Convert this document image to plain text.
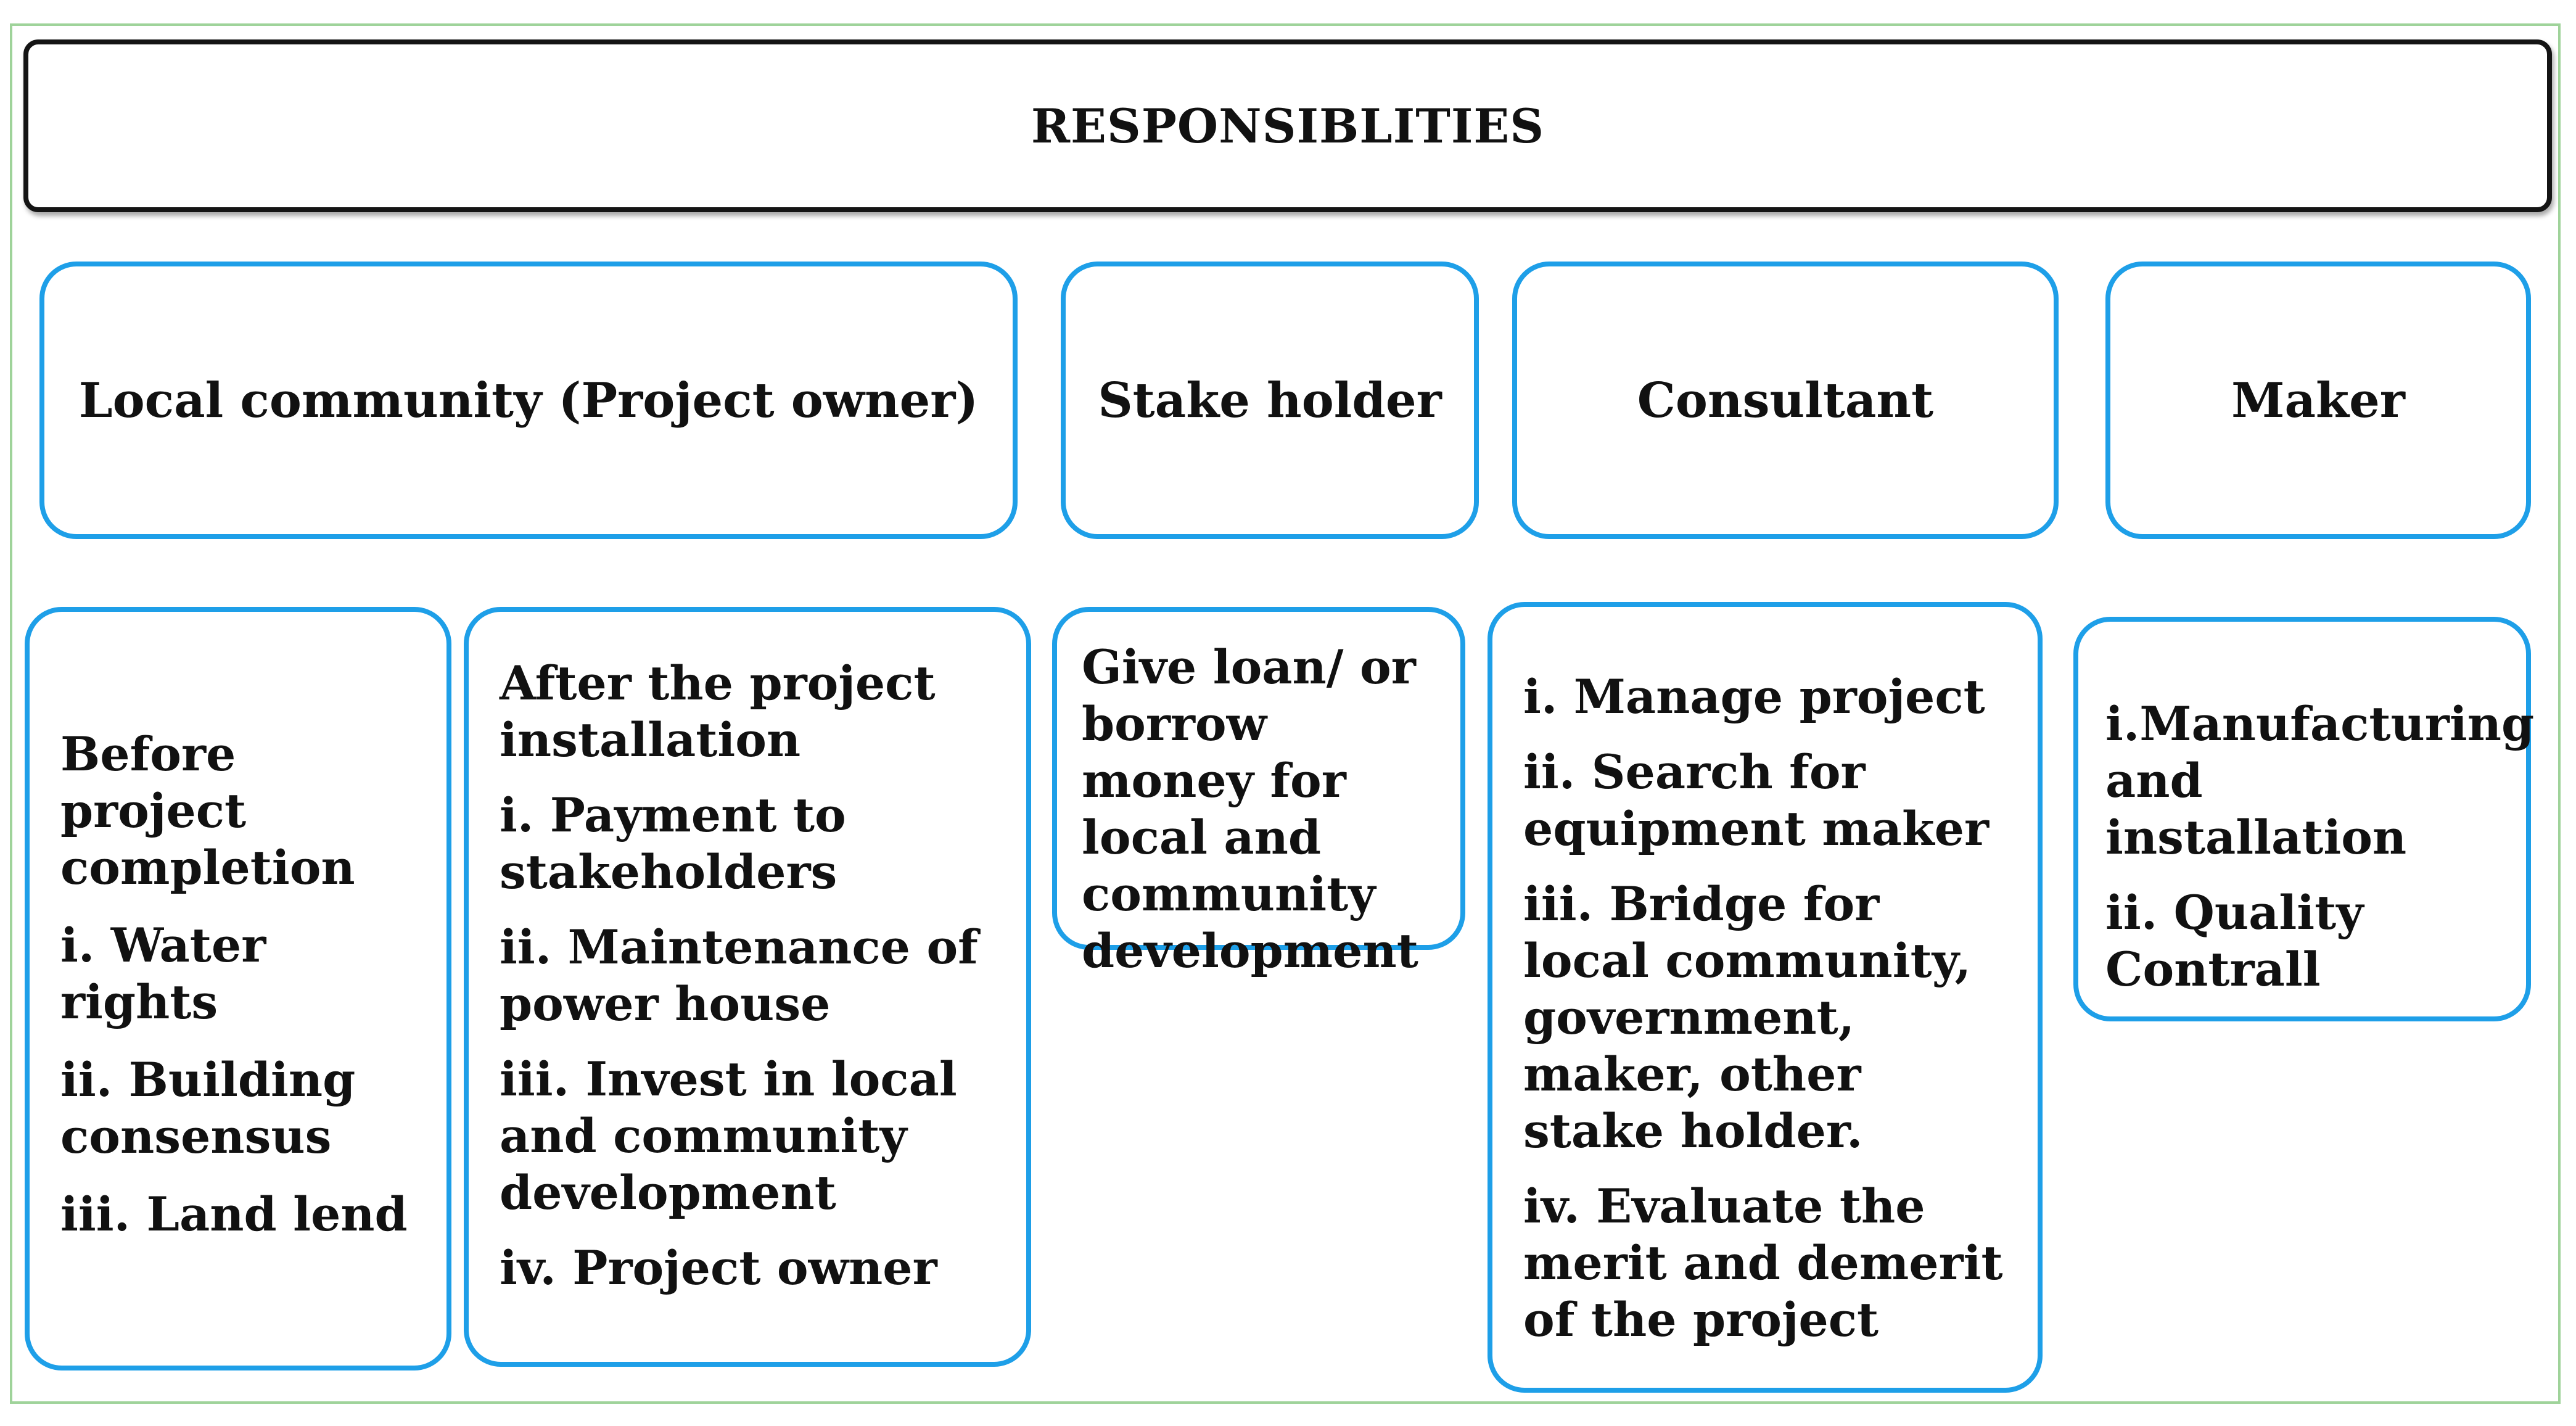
RESPONSIBLITIES
Local community (Project owner) Stake holder	Consultant	Maker

Before project completion

i. Water rights

ii. Building consensus

iii. Land lend

After the project installation

i. Payment to stakeholders

ii. Maintenance of power house

iii. Invest in local and community development

iv. Project owner

Give loan/ or borrow money for local and community development

i. Manage project

ii. Search for equipment maker

iii. Bridge for local community, government, maker, other stake holder.

iv. Evaluate the merit and demerit of the project

i.Manufacturing and installation

ii. Quality Contrall
